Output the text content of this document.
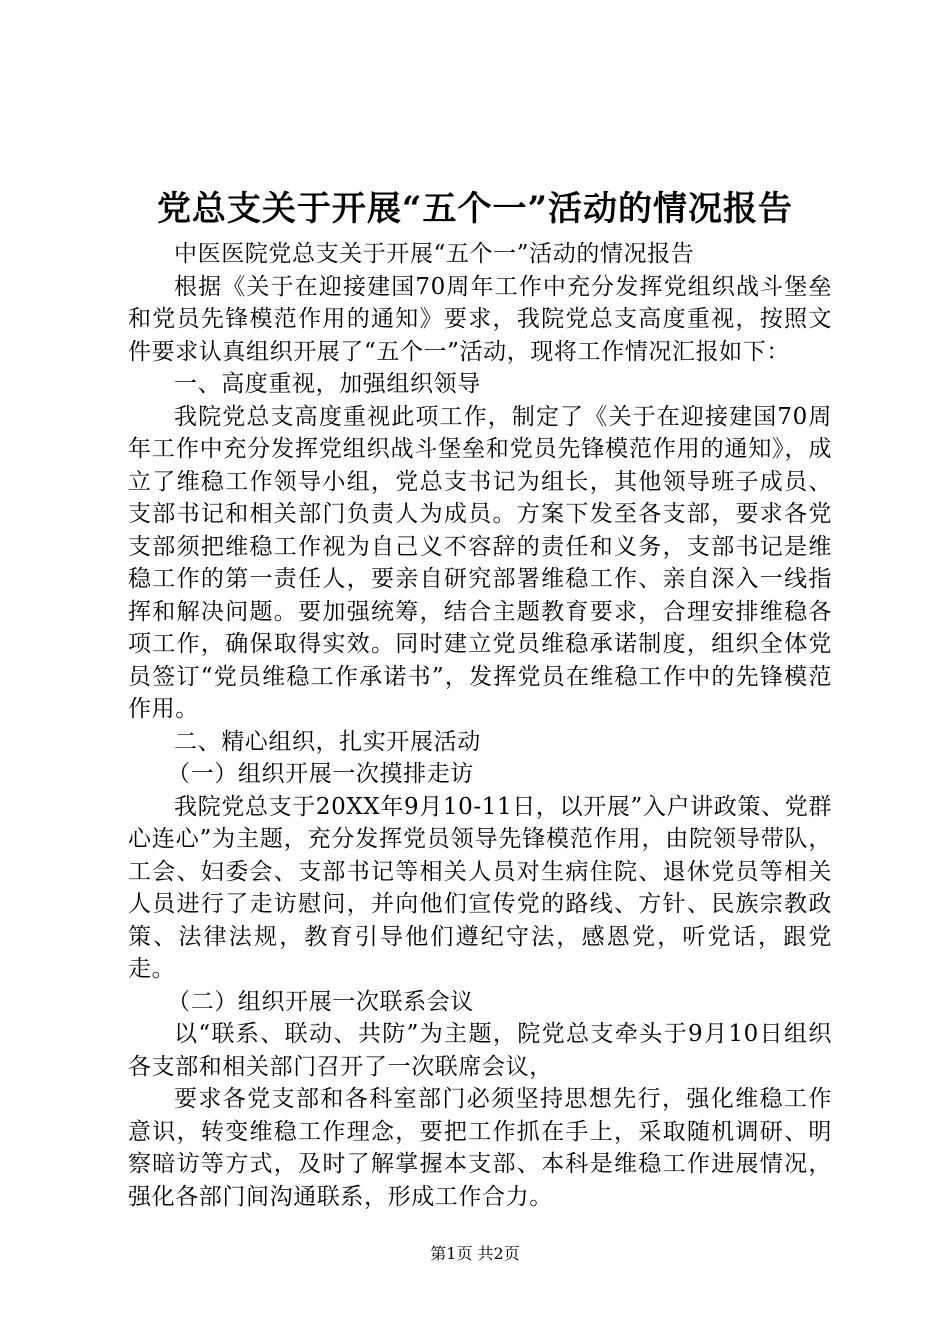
党总支关于开展“五个一”活动的情况报告

中医医院党总支关于开展“五个一”活动的情况报告

根据《关于在迎接建国70周年工作中充分发挥党组织战斗堡垒和党员先锋模范作用的通知》要求，我院党总支高度重视，按照文件要求认真组织开展了“五个一”活动，现将工作情况汇报如下：

一、高度重视，加强组织领导

我院党总支高度重视此项工作，制定了《关于在迎接建国70周年工作中充分发挥党组织战斗堡垒和党员先锋模范作用的通知》，成立了维稳工作领导小组，党总支书记为组长，其他领导班子成员、支部书记和相关部门负责人为成员。方案下发至各支部，要求各党支部须把维稳工作视为自己义不容辞的责任和义务，支部书记是维稳工作的第一责任人，要亲自研究部署维稳工作、亲自深入一线指挥和解决问题。要加强统筹，结合主题教育要求，合理安排维稳各项工作，确保取得实效。同时建立党员维稳承诺制度，组织全体党员签订“党员维稳工作承诺书”，发挥党员在维稳工作中的先锋模范作用。

二、精心组织，扎实开展活动

（一）组织开展一次摸排走访

我院党总支于20XX年9月10-11日，以开展”入户讲政策、党群心连心”为主题，充分发挥党员领导先锋模范作用，由院领导带队，工会、妇委会、支部书记等相关人员对生病住院、退休党员等相关人员进行了走访慰问，并向他们宣传党的路线、方针、民族宗教政策、法律法规，教育引导他们遵纪守法，感恩党，听党话，跟党走。

（二）组织开展一次联系会议

以“联系、联动、共防”为主题，院党总支牵头于9月10日组织各支部和相关部门召开了一次联席会议，

要求各党支部和各科室部门必须坚持思想先行，强化维稳工作意识，转变维稳工作理念，要把工作抓在手上，采取随机调研、明察暗访等方式，及时了解掌握本支部、本科是维稳工作进展情况，强化各部门间沟通联系，形成工作合力。

第1页 共2页
